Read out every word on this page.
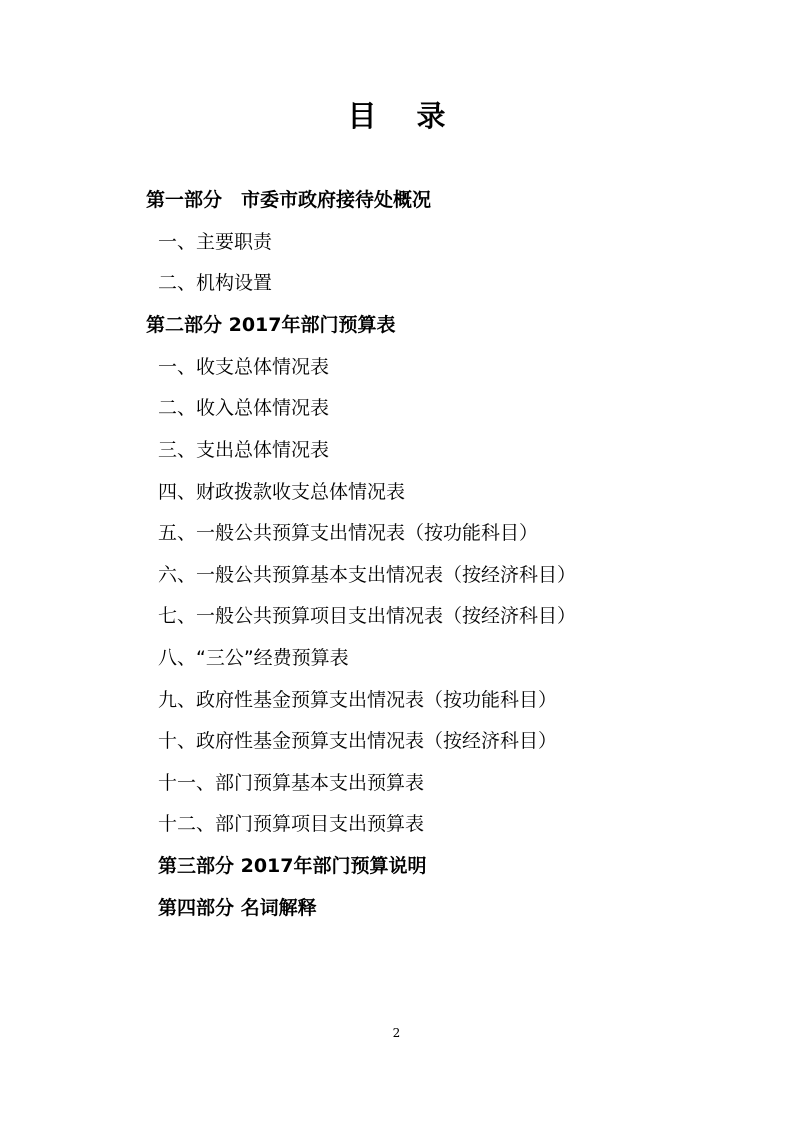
目录
第一部分　市委市政府接待处概况
一、主要职责
二、机构设置
第二部分 2017年部门预算表
一、收支总体情况表
二、收入总体情况表
三、支出总体情况表
四、财政拨款收支总体情况表
五、一般公共预算支出情况表（按功能科目）
六、一般公共预算基本支出情况表（按经济科目）
七、一般公共预算项目支出情况表（按经济科目）
八、“三公”经费预算表
九、政府性基金预算支出情况表（按功能科目）
十、政府性基金预算支出情况表（按经济科目）
十一、部门预算基本支出预算表
十二、部门预算项目支出预算表
第三部分 2017年部门预算说明
第四部分 名词解释
2
